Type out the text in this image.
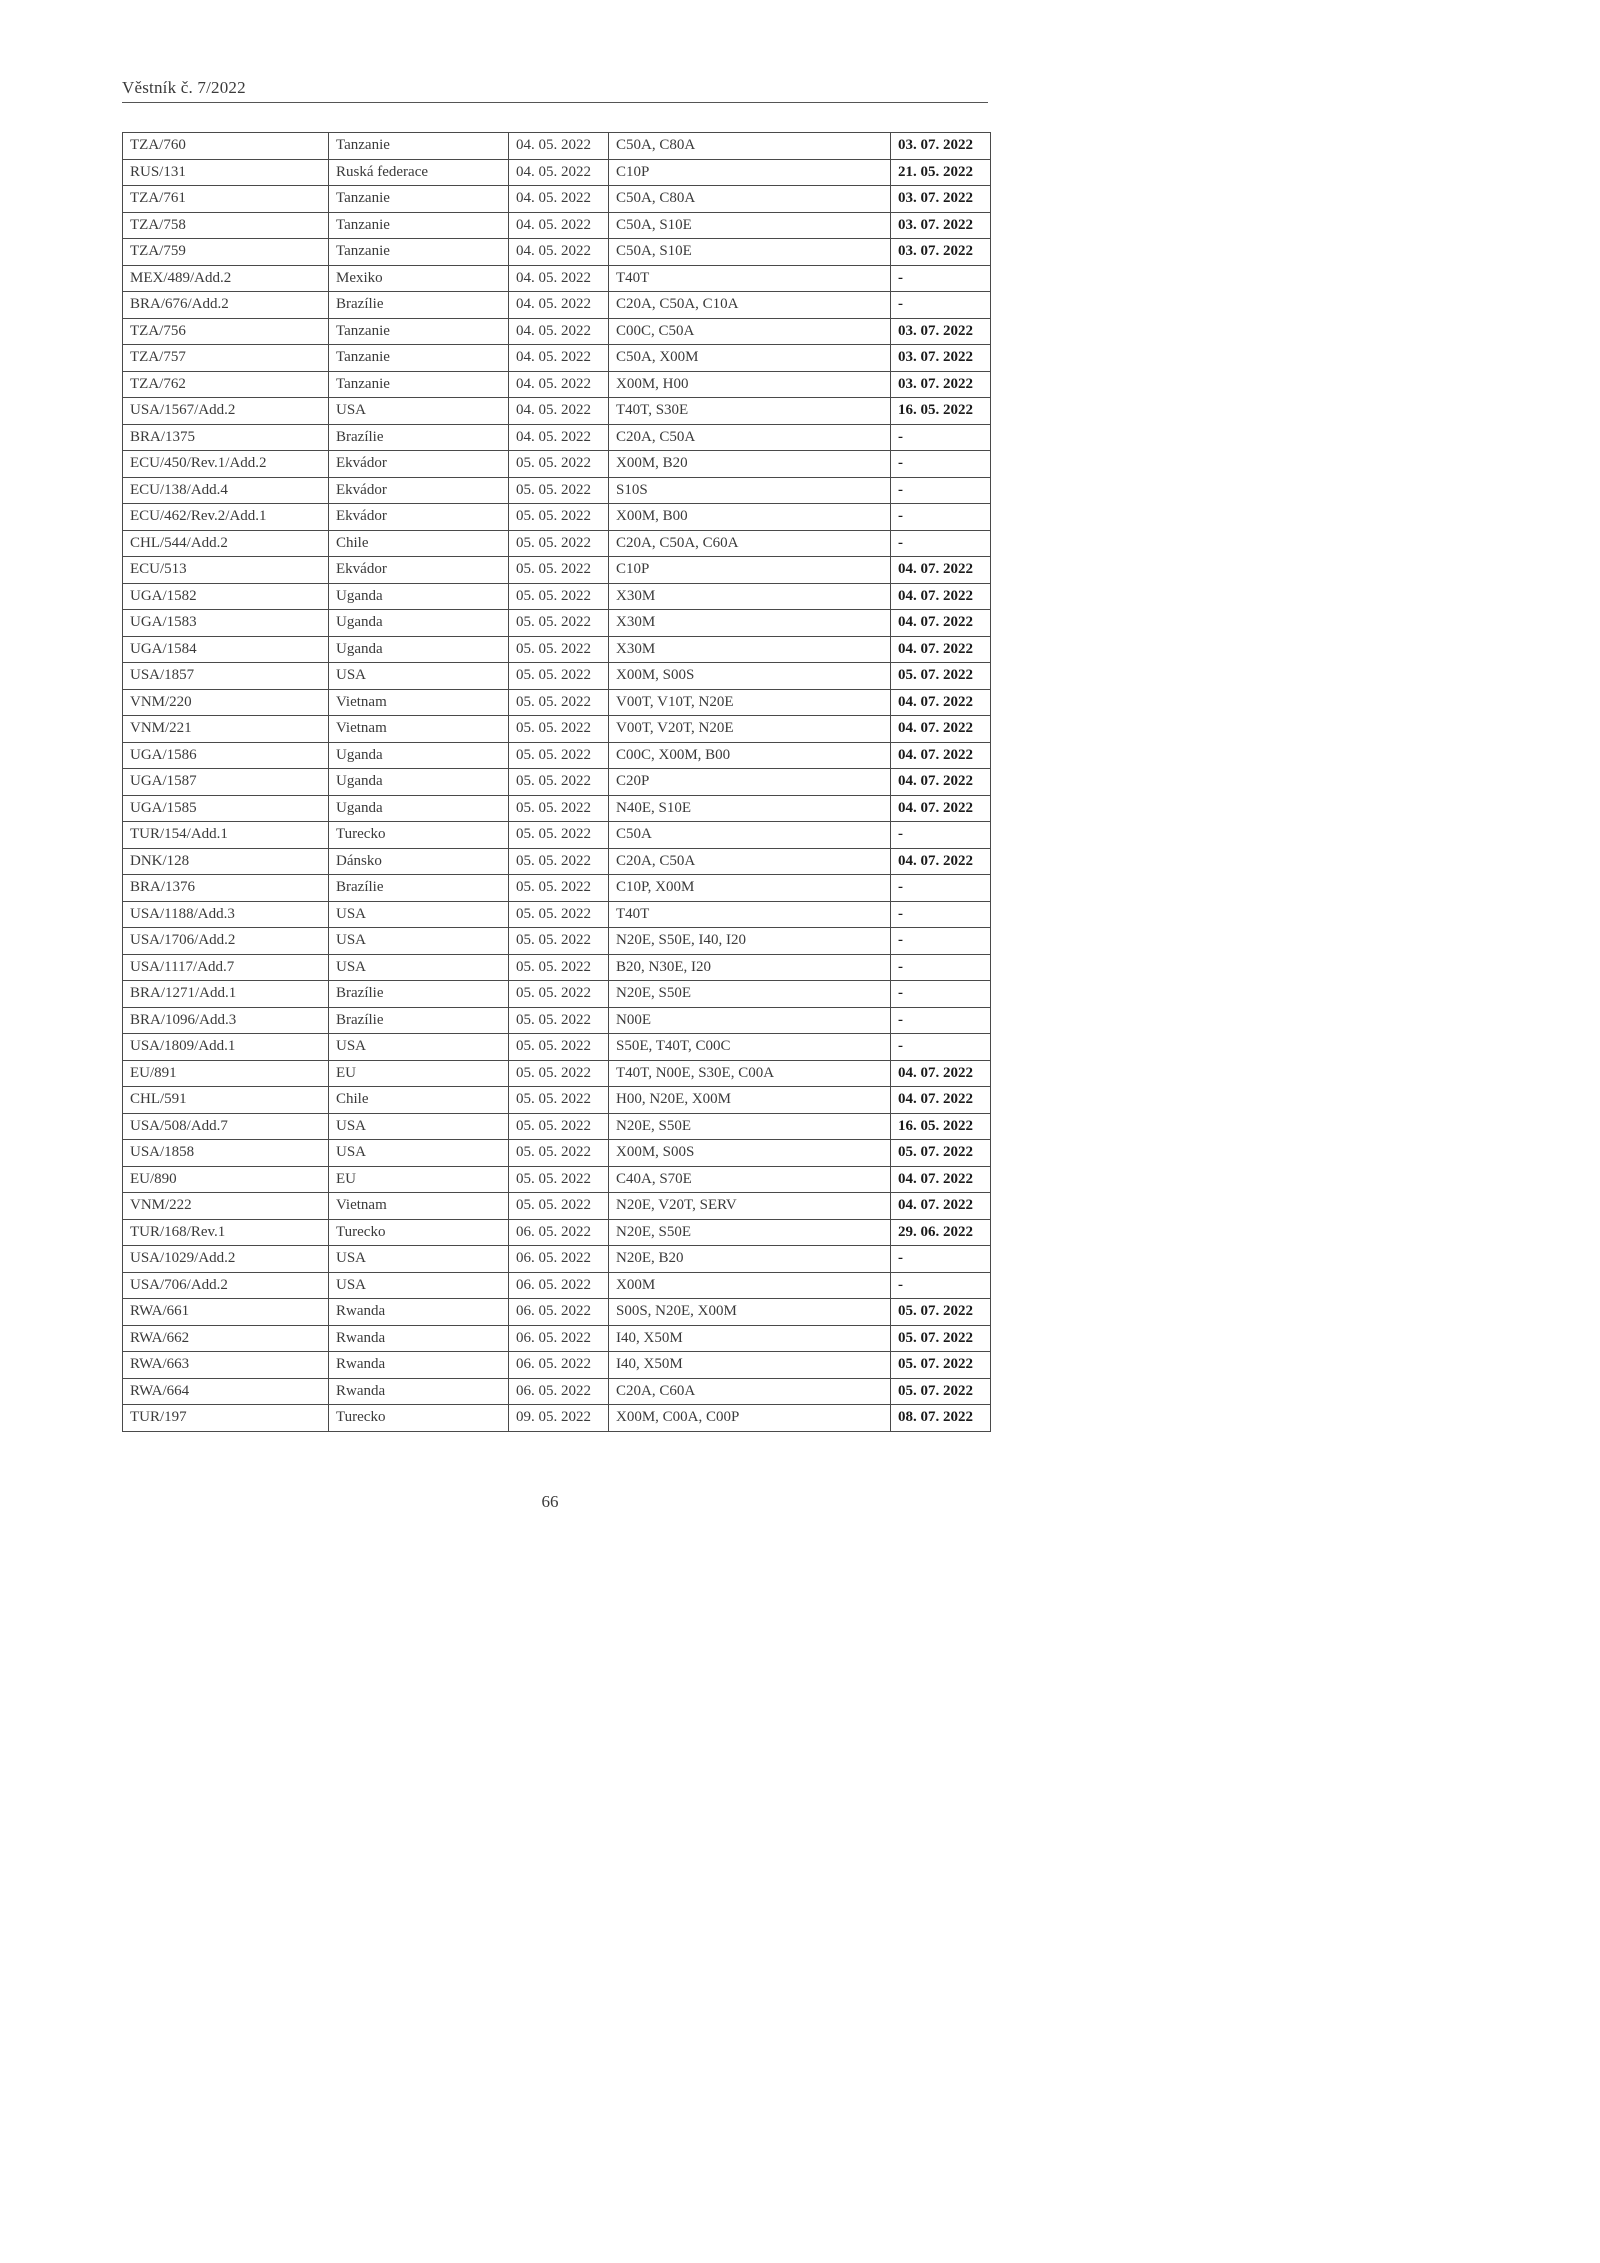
Věstník č. 7/2022
TZA/760	Tanzanie	04. 05. 2022	C50A, C80A	03. 07. 2022
RUS/131	Ruská federace	04. 05. 2022	C10P	21. 05. 2022
TZA/761	Tanzanie	04. 05. 2022	C50A, C80A	03. 07. 2022
TZA/758	Tanzanie	04. 05. 2022	C50A, S10E	03. 07. 2022
TZA/759	Tanzanie	04. 05. 2022	C50A, S10E	03. 07. 2022
MEX/489/Add.2	Mexiko	04. 05. 2022	T40T	-
BRA/676/Add.2	Brazílie	04. 05. 2022	C20A, C50A, C10A	-
TZA/756	Tanzanie	04. 05. 2022	C00C, C50A	03. 07. 2022
TZA/757	Tanzanie	04. 05. 2022	C50A, X00M	03. 07. 2022
TZA/762	Tanzanie	04. 05. 2022	X00M, H00	03. 07. 2022
USA/1567/Add.2	USA	04. 05. 2022	T40T, S30E	16. 05. 2022
BRA/1375	Brazílie	04. 05. 2022	C20A, C50A	-
ECU/450/Rev.1/Add.2	Ekvádor	05. 05. 2022	X00M, B20	-
ECU/138/Add.4	Ekvádor	05. 05. 2022	S10S	-
ECU/462/Rev.2/Add.1	Ekvádor	05. 05. 2022	X00M, B00	-
CHL/544/Add.2	Chile	05. 05. 2022	C20A, C50A, C60A	-
ECU/513	Ekvádor	05. 05. 2022	C10P	04. 07. 2022
UGA/1582	Uganda	05. 05. 2022	X30M	04. 07. 2022
UGA/1583	Uganda	05. 05. 2022	X30M	04. 07. 2022
UGA/1584	Uganda	05. 05. 2022	X30M	04. 07. 2022
USA/1857	USA	05. 05. 2022	X00M, S00S	05. 07. 2022
VNM/220	Vietnam	05. 05. 2022	V00T, V10T, N20E	04. 07. 2022
VNM/221	Vietnam	05. 05. 2022	V00T, V20T, N20E	04. 07. 2022
UGA/1586	Uganda	05. 05. 2022	C00C, X00M, B00	04. 07. 2022
UGA/1587	Uganda	05. 05. 2022	C20P	04. 07. 2022
UGA/1585	Uganda	05. 05. 2022	N40E, S10E	04. 07. 2022
TUR/154/Add.1	Turecko	05. 05. 2022	C50A	-
DNK/128	Dánsko	05. 05. 2022	C20A, C50A	04. 07. 2022
BRA/1376	Brazílie	05. 05. 2022	C10P, X00M	-
USA/1188/Add.3	USA	05. 05. 2022	T40T	-
USA/1706/Add.2	USA	05. 05. 2022	N20E, S50E, I40, I20	-
USA/1117/Add.7	USA	05. 05. 2022	B20, N30E, I20	-
BRA/1271/Add.1	Brazílie	05. 05. 2022	N20E, S50E	-
BRA/1096/Add.3	Brazílie	05. 05. 2022	N00E	-
USA/1809/Add.1	USA	05. 05. 2022	S50E, T40T, C00C	-
EU/891	EU	05. 05. 2022	T40T, N00E, S30E, C00A	04. 07. 2022
CHL/591	Chile	05. 05. 2022	H00, N20E, X00M	04. 07. 2022
USA/508/Add.7	USA	05. 05. 2022	N20E, S50E	16. 05. 2022
USA/1858	USA	05. 05. 2022	X00M, S00S	05. 07. 2022
EU/890	EU	05. 05. 2022	C40A, S70E	04. 07. 2022
VNM/222	Vietnam	05. 05. 2022	N20E, V20T, SERV	04. 07. 2022
TUR/168/Rev.1	Turecko	06. 05. 2022	N20E, S50E	29. 06. 2022
USA/1029/Add.2	USA	06. 05. 2022	N20E, B20	-
USA/706/Add.2	USA	06. 05. 2022	X00M	-
RWA/661	Rwanda	06. 05. 2022	S00S, N20E, X00M	05. 07. 2022
RWA/662	Rwanda	06. 05. 2022	I40, X50M	05. 07. 2022
RWA/663	Rwanda	06. 05. 2022	I40, X50M	05. 07. 2022
RWA/664	Rwanda	06. 05. 2022	C20A, C60A	05. 07. 2022
TUR/197	Turecko	09. 05. 2022	X00M, C00A, C00P	08. 07. 2022
66
